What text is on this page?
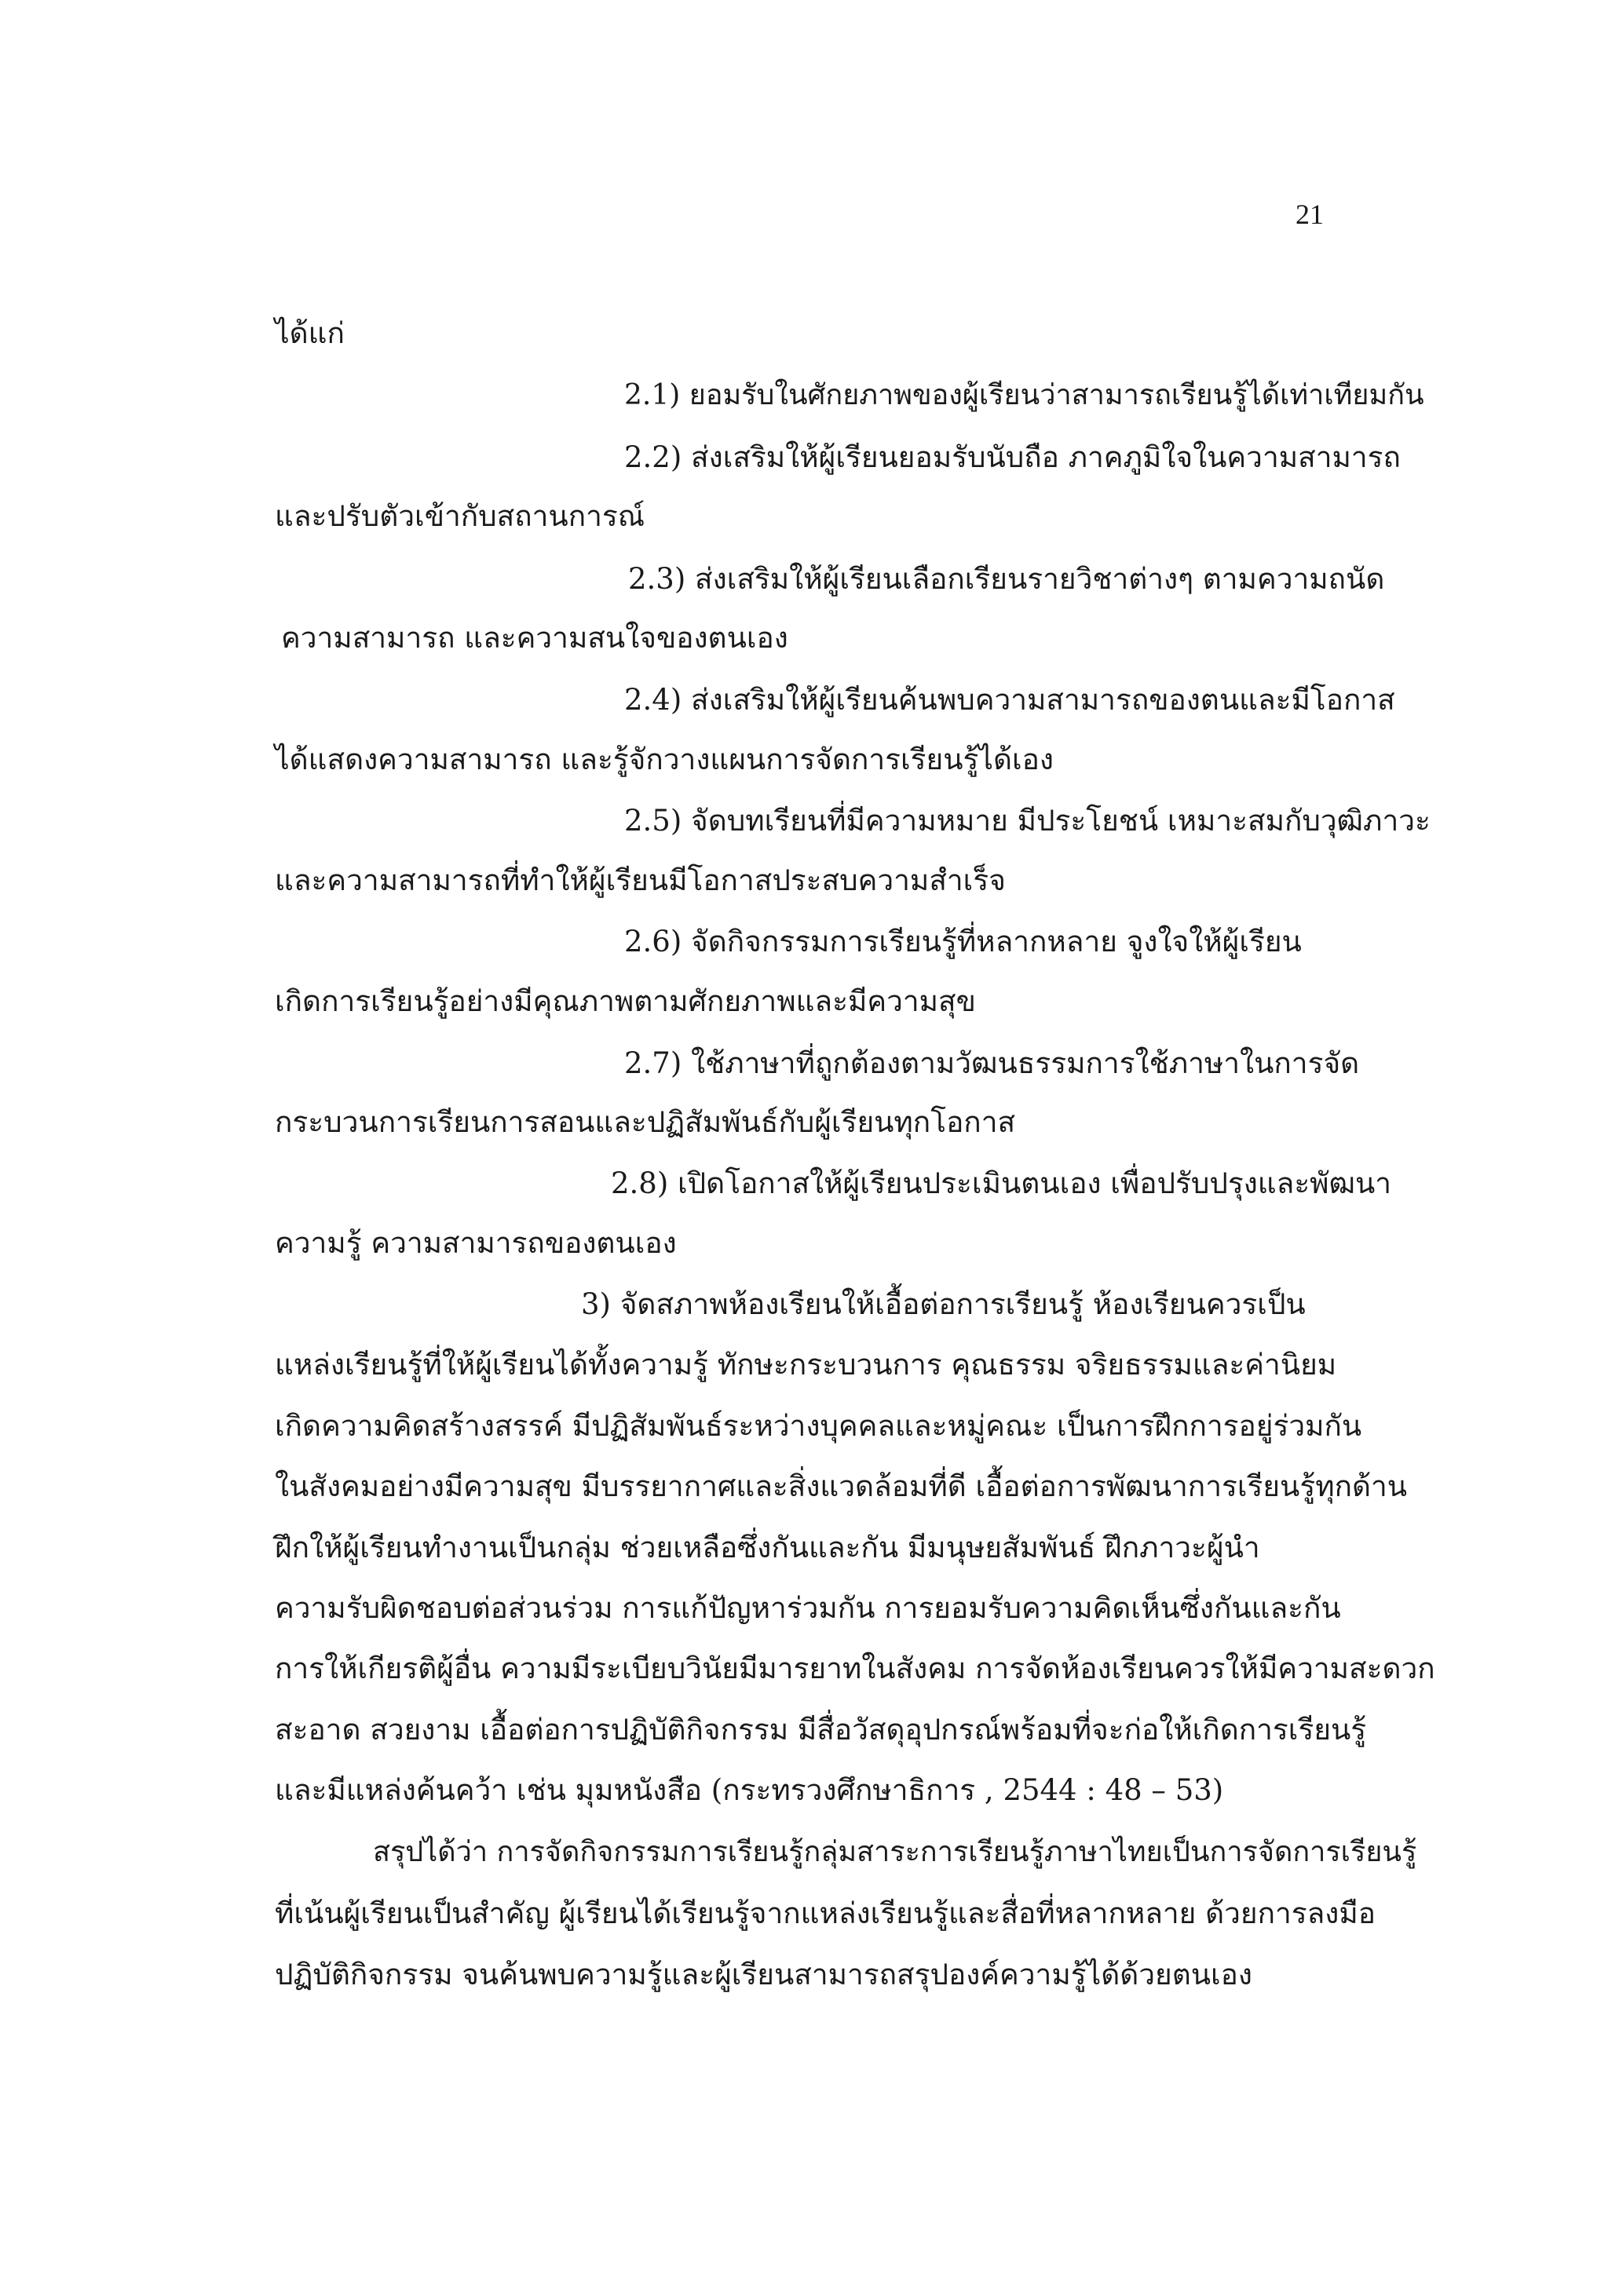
21
ได้แก่
2.1) ยอมรับในศักยภาพของผู้เรียนว่าสามารถเรียนรู้ได้เท่าเทียมกัน
2.2) ส่งเสริมให้ผู้เรียนยอมรับนับถือ ภาคภูมิใจในความสามารถ
และปรับตัวเข้ากับสถานการณ์
2.3) ส่งเสริมให้ผู้เรียนเลือกเรียนรายวิชาต่างๆ ตามความถนัด
ความสามารถ และความสนใจของตนเอง
2.4) ส่งเสริมให้ผู้เรียนค้นพบความสามารถของตนและมีโอกาส
ได้แสดงความสามารถ และรู้จักวางแผนการจัดการเรียนรู้ได้เอง
2.5) จัดบทเรียนที่มีความหมาย มีประโยชน์ เหมาะสมกับวุฒิภาวะ
และความสามารถที่ทำให้ผู้เรียนมีโอกาสประสบความสำเร็จ
2.6) จัดกิจกรรมการเรียนรู้ที่หลากหลาย จูงใจให้ผู้เรียน
เกิดการเรียนรู้อย่างมีคุณภาพตามศักยภาพและมีความสุข
2.7) ใช้ภาษาที่ถูกต้องตามวัฒนธรรมการใช้ภาษาในการจัด
กระบวนการเรียนการสอนและปฏิสัมพันธ์กับผู้เรียนทุกโอกาส
2.8) เปิดโอกาสให้ผู้เรียนประเมินตนเอง เพื่อปรับปรุงและพัฒนา
ความรู้ ความสามารถของตนเอง
3) จัดสภาพห้องเรียนให้เอื้อต่อการเรียนรู้ ห้องเรียนควรเป็น
แหล่งเรียนรู้ที่ให้ผู้เรียนได้ทั้งความรู้ ทักษะกระบวนการ คุณธรรม จริยธรรมและค่านิยม
เกิดความคิดสร้างสรรค์ มีปฏิสัมพันธ์ระหว่างบุคคลและหมู่คณะ เป็นการฝึกการอยู่ร่วมกัน
ในสังคมอย่างมีความสุข มีบรรยากาศและสิ่งแวดล้อมที่ดี เอื้อต่อการพัฒนาการเรียนรู้ทุกด้าน
ฝึกให้ผู้เรียนทำงานเป็นกลุ่ม ช่วยเหลือซึ่งกันและกัน มีมนุษยสัมพันธ์ ฝึกภาวะผู้นำ
ความรับผิดชอบต่อส่วนร่วม การแก้ปัญหาร่วมกัน การยอมรับความคิดเห็นซึ่งกันและกัน
การให้เกียรติผู้อื่น ความมีระเบียบวินัยมีมารยาทในสังคม การจัดห้องเรียนควรให้มีความสะดวก
สะอาด สวยงาม เอื้อต่อการปฏิบัติกิจกรรม มีสื่อวัสดุอุปกรณ์พร้อมที่จะก่อให้เกิดการเรียนรู้
และมีแหล่งค้นคว้า เช่น มุมหนังสือ (กระทรวงศึกษาธิการ , 2544 : 48 – 53)
สรุปได้ว่า การจัดกิจกรรมการเรียนรู้กลุ่มสาระการเรียนรู้ภาษาไทยเป็นการจัดการเรียนรู้
ที่เน้นผู้เรียนเป็นสำคัญ ผู้เรียนได้เรียนรู้จากแหล่งเรียนรู้และสื่อที่หลากหลาย ด้วยการลงมือ
ปฏิบัติกิจกรรม จนค้นพบความรู้และผู้เรียนสามารถสรุปองค์ความรู้ได้ด้วยตนเอง
